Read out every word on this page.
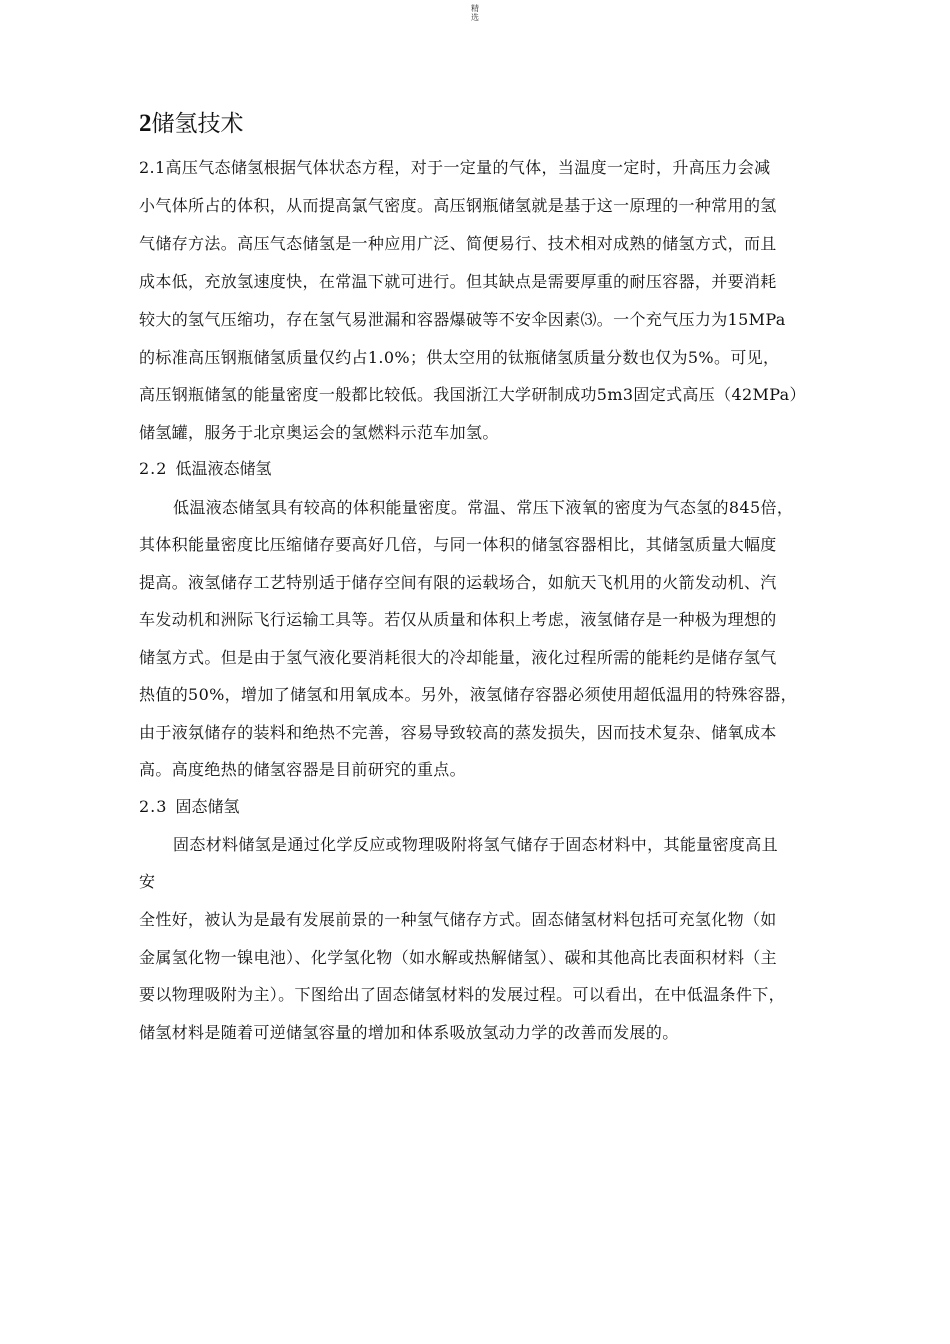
精
选
2储氢技术
2.1高压气态储氢根据气体状态方程，对于一定量的气体，当温度一定时，升高压力会减
小气体所占的体积，从而提高氯气密度。高压钢瓶储氢就是基于这一原理的一种常用的氢
气储存方法。高压气态储氢是一种应用广泛、简便易行、技术相对成熟的储氢方式，而且
成本低，充放氢速度快，在常温下就可进行。但其缺点是需要厚重的耐压容器，并要消耗
较大的氢气压缩功，存在氢气易泄漏和容器爆破等不安伞因素⑶。一个充气压力为15MPa
的标准高压钢瓶储氢质量仅约占1.0%；供太空用的钛瓶储氢质量分数也仅为5%。可见，
高压钢瓶储氢的能量密度一般都比较低。我国浙江大学研制成功5m3固定式高压（42MPa）
储氢罐，服务于北京奥运会的氢燃料示范车加氢。
2.2 低温液态储氢
低温液态储氢具有较高的体积能量密度。常温、常压下液氧的密度为气态氢的845倍，
其体积能量密度比压缩储存要高好几倍，与同一体积的储氢容器相比，其储氢质量大幅度
提高。液氢储存工艺特别适于储存空间有限的运载场合，如航天飞机用的火箭发动机、汽
车发动机和洲际飞行运输工具等。若仅从质量和体积上考虑，液氢储存是一种极为理想的
储氢方式。但是由于氢气液化要消耗很大的冷却能量，液化过程所需的能耗约是储存氢气
热值的50%，增加了储氢和用氧成本。另外，液氢储存容器必须使用超低温用的特殊容器，
由于液氛储存的装料和绝热不完善，容易导致较高的蒸发损失，因而技术复杂、储氧成本
高。高度绝热的储氢容器是目前研究的重点。
2.3 固态储氢
固态材料储氢是通过化学反应或物理吸附将氢气储存于固态材料中，其能量密度高且
安
全性好，被认为是最有发展前景的一种氢气储存方式。固态储氢材料包括可充氢化物（如
金属氢化物一镍电池）、化学氢化物（如水解或热解储氢）、碳和其他高比表面积材料（主
要以物理吸附为主）。下图给出了固态储氢材料的发展过程。可以看出，在中低温条件下，
储氢材料是随着可逆储氢容量的增加和体系吸放氢动力学的改善而发展的。
